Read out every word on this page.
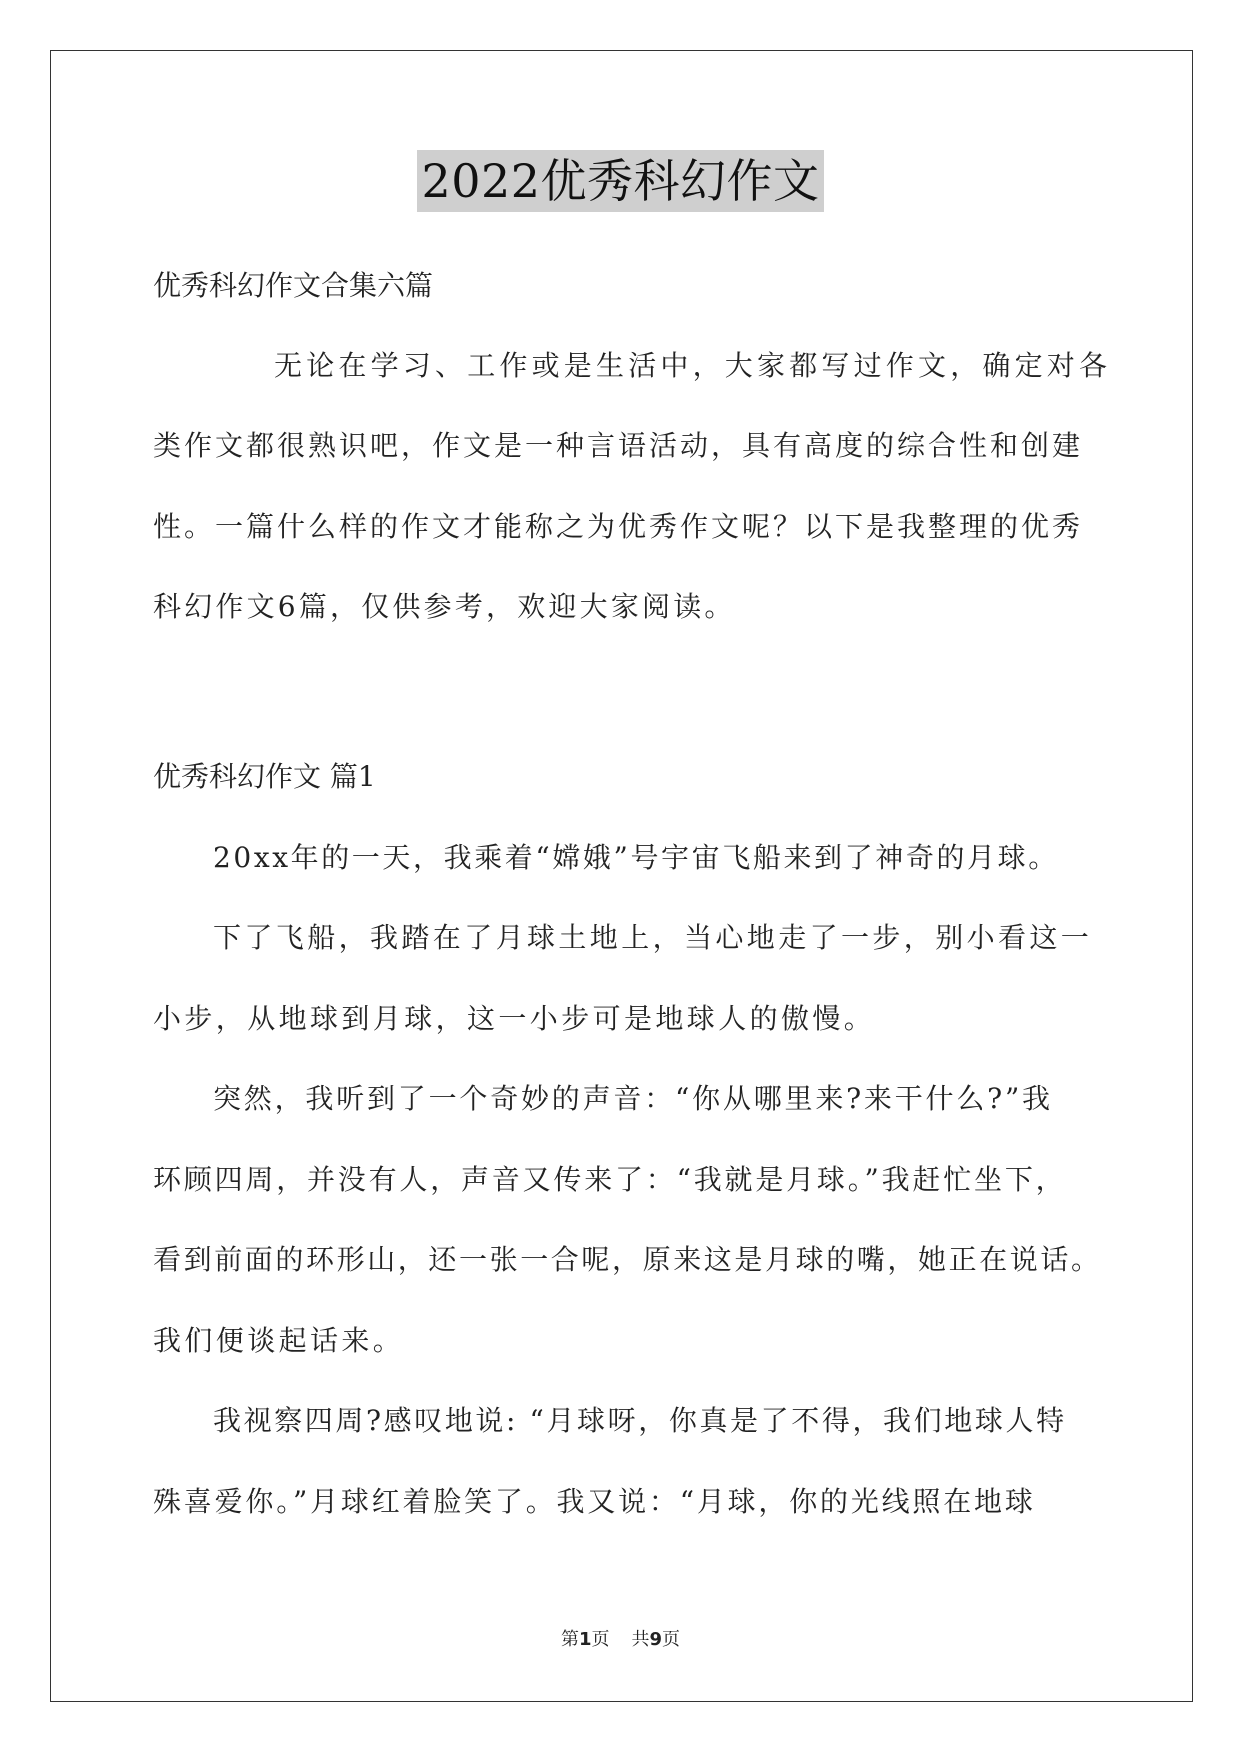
2022优秀科幻作文
优秀科幻作文合集六篇
无论在学习、工作或是生活中，大家都写过作文，确定对各
类作文都很熟识吧，作文是一种言语活动，具有高度的综合性和创建
性。一篇什么样的作文才能称之为优秀作文呢？以下是我整理的优秀
科幻作文6篇，仅供参考，欢迎大家阅读。
优秀科幻作文 篇1
20xx年的一天，我乘着“嫦娥”号宇宙飞船来到了神奇的月球。
下了飞船，我踏在了月球土地上，当心地走了一步，别小看这一
小步，从地球到月球，这一小步可是地球人的傲慢。
突然，我听到了一个奇妙的声音：“你从哪里来?来干什么?”我
环顾四周，并没有人，声音又传来了：“我就是月球。”我赶忙坐下，
看到前面的环形山，还一张一合呢，原来这是月球的嘴，她正在说话。
我们便谈起话来。
我视察四周?感叹地说: “月球呀，你真是了不得，我们地球人特
殊喜爱你。”月球红着脸笑了。我又说：“月球，你的光线照在地球
第1页 共9页
